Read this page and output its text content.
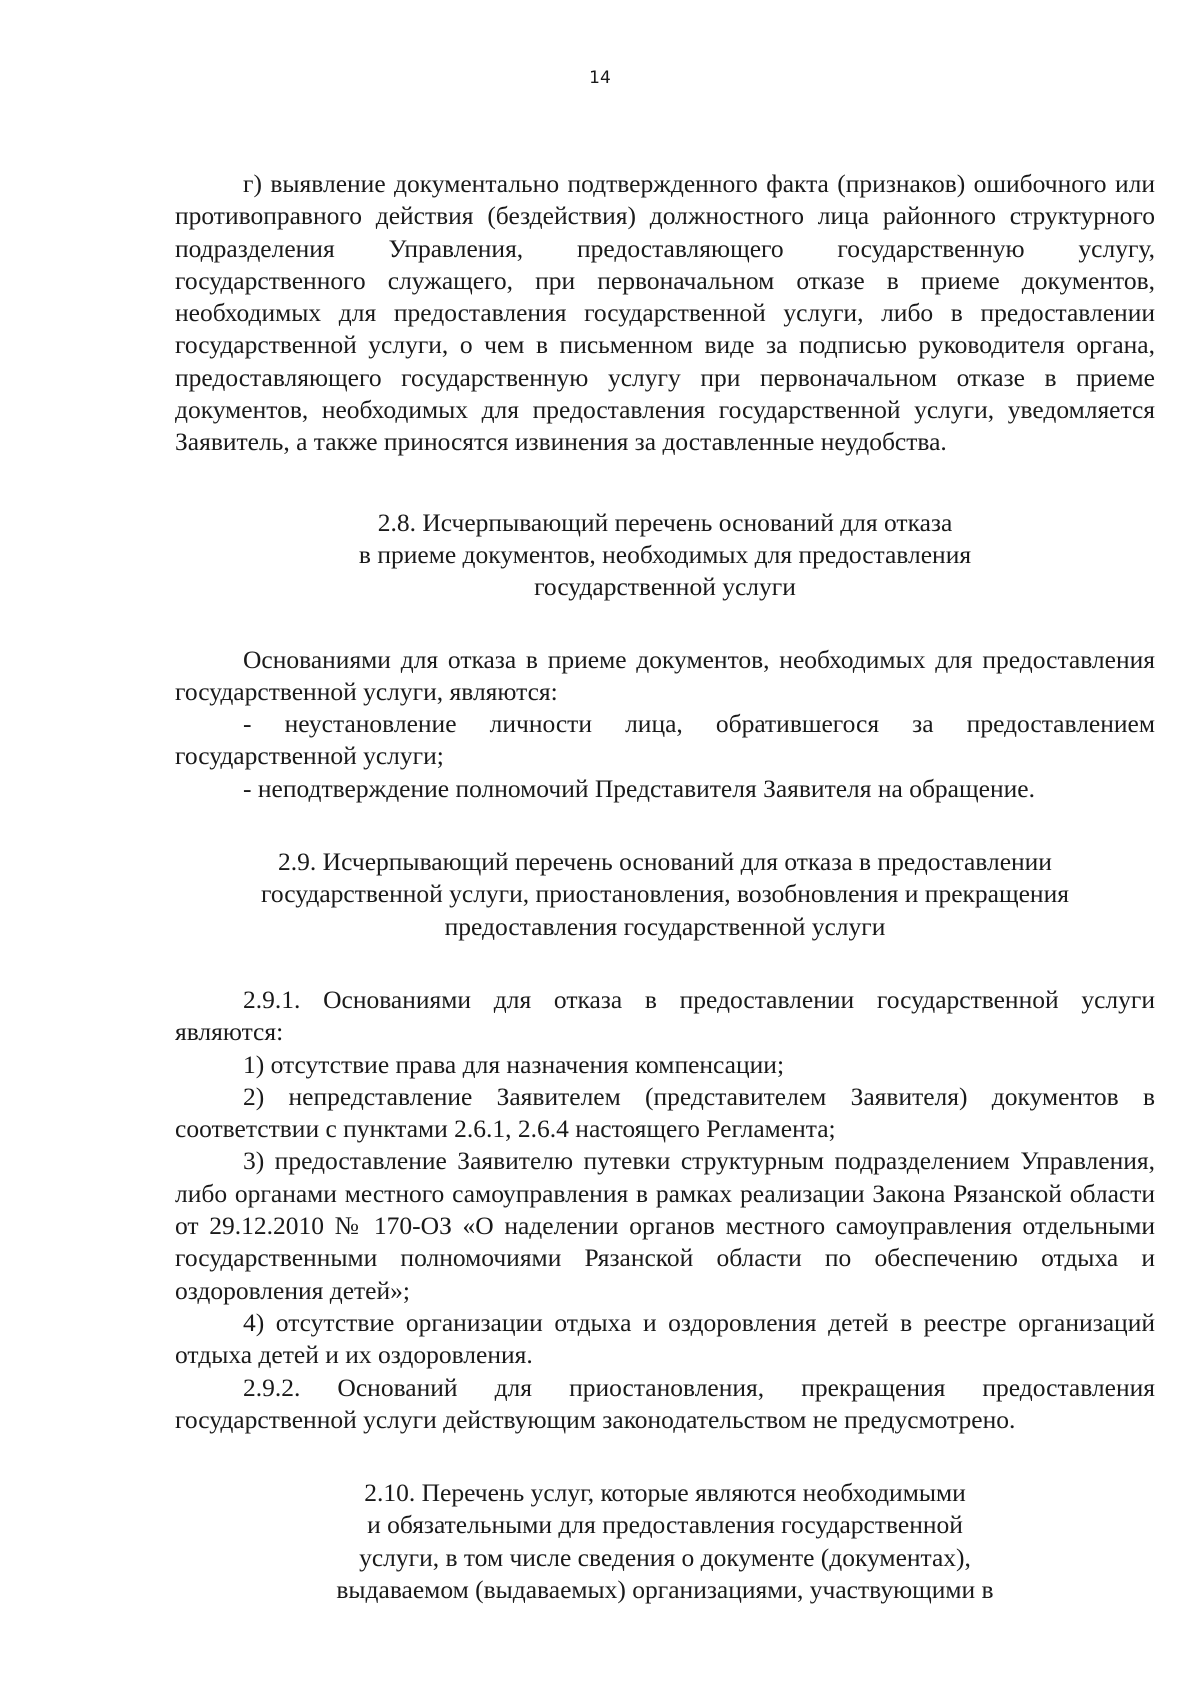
14

г) выявление документально подтвержденного факта (признаков) ошибочного или противоправного действия (бездействия) должностного лица районного структурного подразделения Управления, предоставляющего государственную услугу, государственного служащего, при первоначальном отказе в приеме документов, необходимых для предоставления государственной услуги, либо в предоставлении государственной услуги, о чем в письменном виде за подписью руководителя органа, предоставляющего государственную услугу при первоначальном отказе в приеме документов, необходимых для предоставления государственной услуги, уведомляется Заявитель, а также приносятся извинения за доставленные неудобства.

2.8. Исчерпывающий перечень оснований для отказа
в приеме документов, необходимых для предоставления
государственной услуги

Основаниями для отказа в приеме документов, необходимых для предоставления государственной услуги, являются:

- неустановление личности лица, обратившегося за предоставлением государственной услуги;

- неподтверждение полномочий Представителя Заявителя на обращение.

2.9. Исчерпывающий перечень оснований для отказа в предоставлении
государственной услуги, приостановления, возобновления и прекращения
предоставления государственной услуги

2.9.1. Основаниями для отказа в предоставлении государственной услуги являются:

1) отсутствие права для назначения компенсации;

2) непредставление Заявителем (представителем Заявителя) документов в соответствии с пунктами 2.6.1, 2.6.4 настоящего Регламента;

3) предоставление Заявителю путевки структурным подразделением Управления, либо органами местного самоуправления в рамках реализации Закона Рязанской области от 29.12.2010 № 170-ОЗ «О наделении органов местного самоуправления отдельными государственными полномочиями Рязанской области по обеспечению отдыха и оздоровления детей»;

4) отсутствие организации отдыха и оздоровления детей в реестре организаций отдыха детей и их оздоровления.

2.9.2. Оснований для приостановления, прекращения предоставления государственной услуги действующим законодательством не предусмотрено.

2.10. Перечень услуг, которые являются необходимыми
и обязательными для предоставления государственной
услуги, в том числе сведения о документе (документах),
выдаваемом (выдаваемых) организациями, участвующими в
